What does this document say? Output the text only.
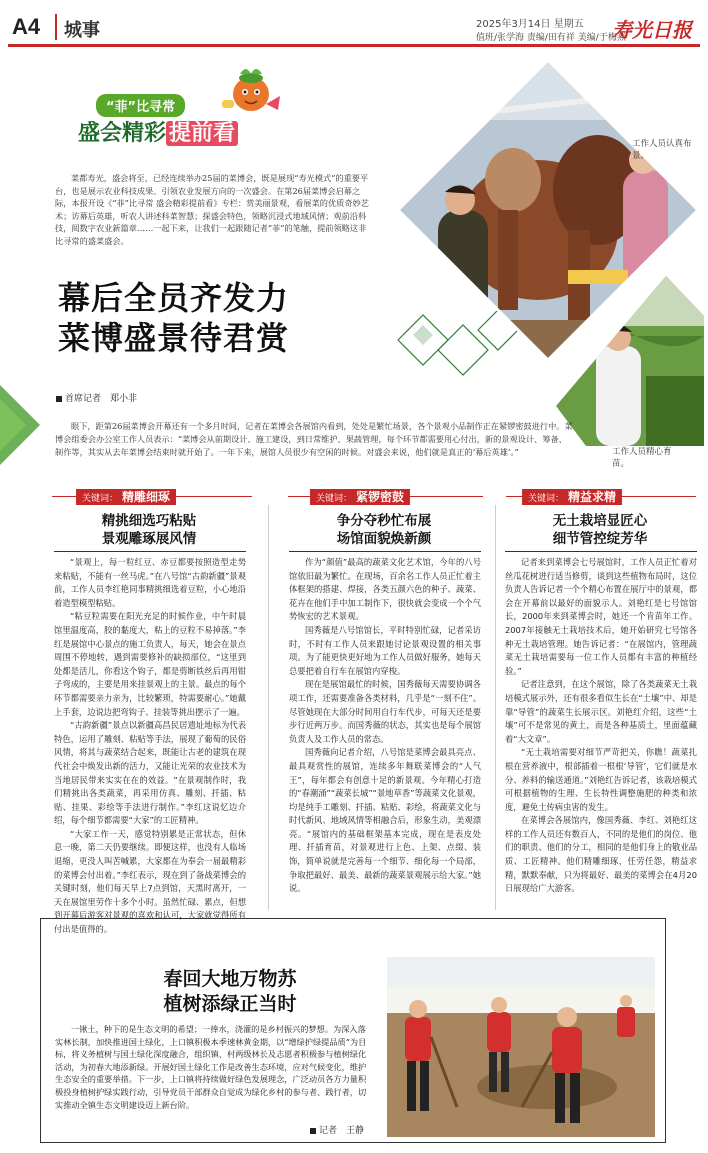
A4 城事	2025年3月14日 星期五
值班/张学海 责编/田有祥 美编/于梅燕
寿光日报
“菲”比寻常
盛会精彩 提前看
菜都寿光，盛会将至，已经连续举办25届的菜博会，既是展现“寿光模式”的重要平台，也是展示农业科技成果、引领农业发展方向的一次盛会。在第26届菜博会启幕之际，本报开设《“菲”比寻常 盛会精彩提前看》专栏：赏美丽景观，看展菜的优质奇妙艺术；访幕后英雄，听农人讲述科菜智慧；探盛会特色，领略沉浸式地域风情；观前沿科技，阅数字农业新篇章……一起下来，让我们一起跟随记者“菲”的笔触，提前领略这非比寻常的盛菜盛会。
幕后全员齐发力
菜博盛景待君赏
首席记者　郑小非
工作人员认真布景。
工作人员精心育苗。
眼下，距第26届菜博会开幕还有一个多月时间，记者在菜博会各展馆内看到，处处是繁忙场景，各个景观小品制作正在紧锣密鼓进行中。菜博会组委会办公室工作人员表示：“菜博会从前期设计、施工建设，到日常维护、果蔬管理，每个环节都需要用心付出，新的景观设计、筹备、制作等，其实从去年菜博会结束时就开始了。一年下来，展馆人员很少有空闲的时候。对盛会来说，他们就是真正的‘幕后英雄’。”
关键词： 精雕细琢	关键词： 紧锣密鼓	关键词： 精益求精
精挑细选巧粘贴
景观雕琢展风情
争分夺秒忙布展
场馆面貌焕新颜
无土栽培显匠心
细节管控绽芳华

“景观上，每一粒红豆、赤豆都要按照造型走势来粘贴，不能有一丝马虎。”在八号馆“古韵新疆”景观前，工作人员李红艳同事精挑细选着豆粒，小心地沿着造型模型粘贴。

“粘豆粒需要在阳光充足的时候作业，中午时晨馆里温度高，胶的黏度大，粘上的豆粒不易掉落。”李红是展馆中心景点的施工负责人，每天，她会在景点周围不停地转，遇到需要修补的缺损部位，“这里到处都是活儿，你看这个钩子，都是剪断铁丝后再用钳子弯成的，主要是用来挂景观上的主景。最点的每个环节都需要亲力亲为，比较繁琐，特需要耐心。”她戴上手套，边说边把弯钩子、挂装等挑出摆示了一遍。

“古韵新疆”景点以新疆高昌民居遗址地标为代表特色，运用了雕刻、粘贴等手法，展现了葡萄的民俗风情，将其与蔬菜结合起来，既能让古老的建筑在现代社会中焕发出新的活力，又能让光荣的农业技术为当地居民带来实实在在的效益。“在景观制作时，我们精挑出各类蔬菜，再采用仿真、雕刻、扦插、粘贴、挂果、彩绘等手法进行制作。”李红这说忆边介绍，每个细节都需要“大家”的工匠精神。

“大家工作一天，感觉特别累是正常状态，但休息一晚，第二天仍要继续。即便这样，也没有人临场退缩，更没人叫苦喊累，大家都在为奉会一届最精彩的菜博会付出着。”李红表示，现在到了备战菜博会的关键时刻，他们每天早上7点到馆，天黑时离开，一天在展馆里劳作十多个小时。虽然忙碌、累点，但想到开幕后游客对景观的喜欢和认可，大家就觉得所有付出是值得的。

作为“颜值”最高的蔬菜文化艺术馆，今年的八号馆依旧最为繁忙。在现场，百余名工作人员正忙着主体框架的搭建、焊接，各类五颜六色的种子、蔬菜、花卉在他们手中加工制作下，很快就会变成一个个气势恢宏的艺术景观。

国秀薇是八号馆馆长，平时特别忙碌，记者采访时，不时有工作人员来跟她讨论景观设置的相关事项。为了能更快更好地为工作人员做好服务，她每天总要把着自行车在展馆内穿梭。

现在是展馆最忙的时候，国秀薇每天需要协调各项工作，还需要准备各类材料，几乎是“一刻不住”。尽管她现在大部分时间用自行车代步，可每天还是要步行近两万步。而国秀薇的状态，其实也是每个展馆负责人及工作人员的常态。

国秀薇向记者介绍，八号馆是菜博会最具亮点、最具观赏性的展馆，连续多年舞联菜博会的“人气王”，每年都会有创意十足的新景观。今年精心打造的“春潮涌”“蔬菜长城”“景地草香”等蔬菜文化景观，均是纯手工雕刻、扦插、粘贴、彩绘，将蔬菜文化与时代新风、地域风情等相融合后，形象生动，美观漂亮。“展馆内的基础框架基本完成，现在是表皮处理、扦插育苗，对景观进行上色、上架、点缀、装饰，简单说就是完善每一个细节、细化每一个局部，争取把最好、最美、最新的蔬菜景观展示给大家。”她说。

记者来到菜博会七号展馆时，工作人员正忙着对丝瓜花树进行适当修剪，谈到这些植物布局时，这位负责人告诉记者一个个精心布置在展厅中的景观，都会在开幕前以最好的面貌示人。刘艳红是七号馆馆长，2000年来到菜博会时，她还一个肯苗年工作。2007年接触无土栽培技术后，她开始研究七号馆各种无土栽培管理。她告诉记者：“在展馆内，管理蔬菜无土栽培需要每一位工作人员都有丰富的种植经验。”

记者注意到，在这个展馆，除了各类蔬菜无土栽培模式展示外，还有很多看似生长在“土壤”中、却是靠“导管”的蔬菜生长展示区。刘艳红介绍，这些“土壤”可不是常见的黄土，而是各种基质土，里面蕴藏着“大文章”。

“无土栽培需要对细节严苛把关，你瞧！蔬菜扎根在营养液中，根部插着一根根‘导管’，它们就是水分、养料的输送通道。”刘艳红告诉记者，该栽培模式可根据植物的生理、生长特性调整施肥的种类和浓度，避免土传病虫害的发生。

在菜博会各展馆内，像国秀薇、李红、刘艳红这样的工作人员还有数百人，不同的是他们的岗位、他们的职责、他们的分工，相同的是他们身上的敬业品质、工匠精神。他们精雕细琢，任劳任怨，精益求精，默默奉献，只为将最好、最美的菜博会在4月20日展现给广大游客。

春回大地万物苏
植树添绿正当时
一锹土，种下的是生态文明的希望；一捧水，浇灌的是乡村振兴的梦想。为深入落实林长制，加快推进国土绿化，上口镇积极本季速林黄金期，以“增绿护绿提品质”为目标，将义务植树与国土绿化深度融合，组织镇、村两级林长及志愿者积极参与植树绿化活动，为初春大地添新绿。开展好国土绿化工作是改善生态环境，应对气候变化，维护生态安全的重要举措。下一步，上口镇将持续做好绿色发展理念，广泛动员各方力量积极投身植树护绿实践行动，引导党员干部群众自觉成为绿化乡村的参与者、践行者，切实推动全镇生态文明建设迈上新台阶。
记者　王静
